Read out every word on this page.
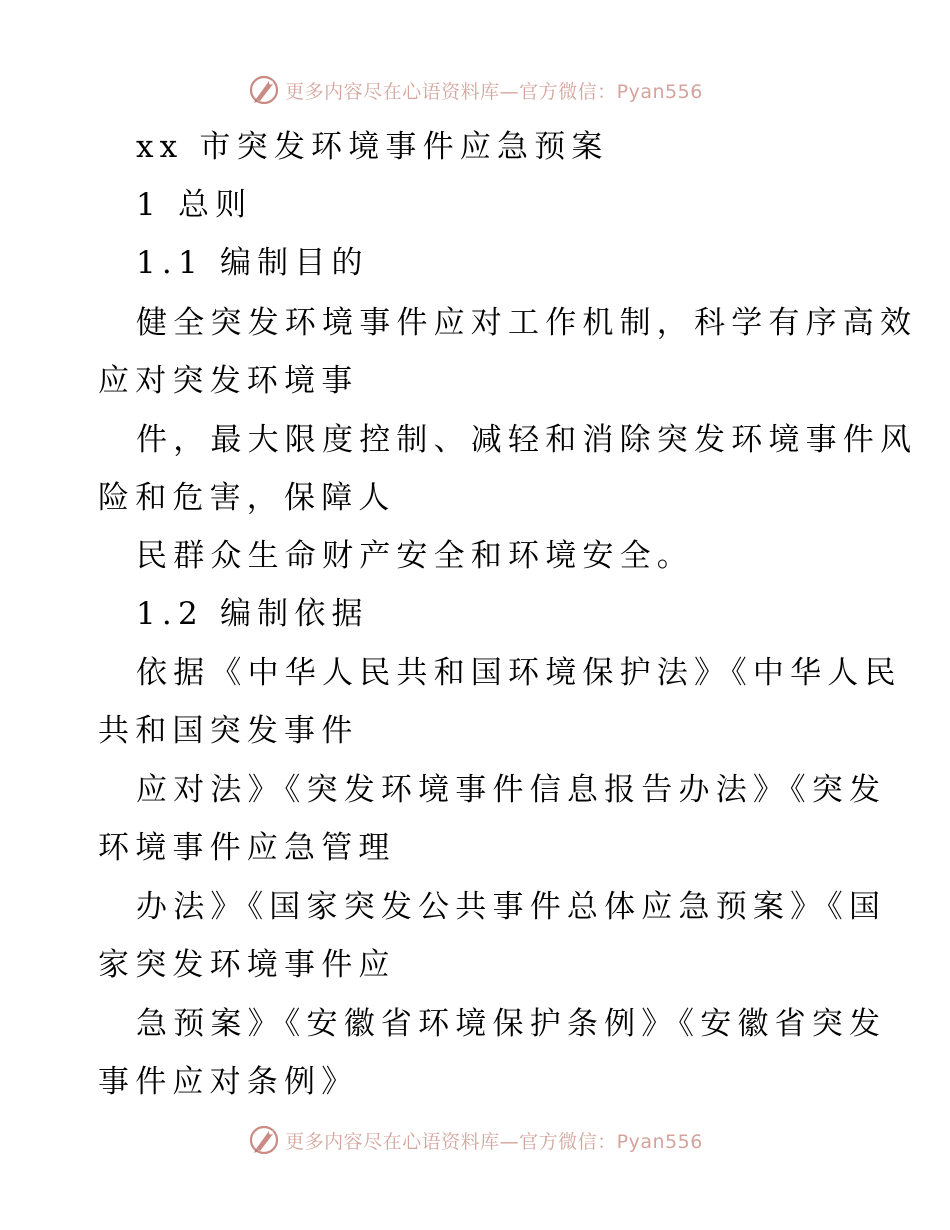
更多内容尽在心语资料库—官方微信：Pyan556
xx 市突发环境事件应急预案
1 总则
1.1 编制目的
健全突发环境事件应对工作机制，科学有序高效
应对突发环境事
件，最大限度控制、减轻和消除突发环境事件风
险和危害，保障人
民群众生命财产安全和环境安全。
1.2 编制依据
依据《中华人民共和国环境保护法》《中华人民
共和国突发事件
应对法》《突发环境事件信息报告办法》《突发
环境事件应急管理
办法》《国家突发公共事件总体应急预案》《国
家突发环境事件应
急预案》《安徽省环境保护条例》《安徽省突发
事件应对条例》
更多内容尽在心语资料库—官方微信：Pyan556
